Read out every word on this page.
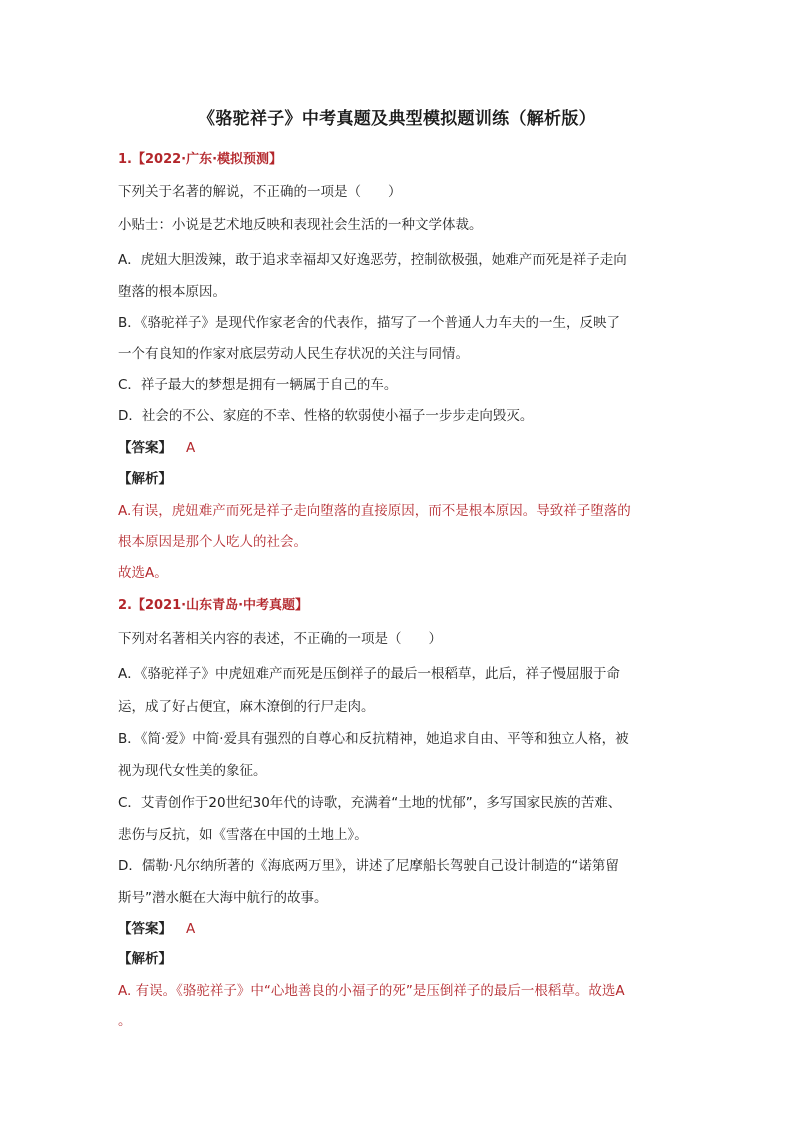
《骆驼祥子》中考真题及典型模拟题训练（解析版）
1.【2022·广东·模拟预测】
下列关于名著的解说，不正确的一项是（　　）
小贴士：小说是艺术地反映和表现社会生活的一种文学体裁。
A．虎妞大胆泼辣，敢于追求幸福却又好逸恶劳，控制欲极强，她难产而死是祥子走向
堕落的根本原因。
B．《骆驼祥子》是现代作家老舍的代表作，描写了一个普通人力车夫的一生，反映了
一个有良知的作家对底层劳动人民生存状况的关注与同情。
C．祥子最大的梦想是拥有一辆属于自己的车。
D．社会的不公、家庭的不幸、性格的软弱使小福子一步步走向毁灭。
【答案】 A
【解析】
A.有误，虎妞难产而死是祥子走向堕落的直接原因，而不是根本原因。导致祥子堕落的
根本原因是那个人吃人的社会。
故选A。
2.【2021·山东青岛·中考真题】
下列对名著相关内容的表述，不正确的一项是（　　）
A．《骆驼祥子》中虎妞难产而死是压倒祥子的最后一根稻草，此后，祥子慢屈服于命
运，成了好占便宜，麻木潦倒的行尸走肉。
B．《简·爱》中简·爱具有强烈的自尊心和反抗精神，她追求自由、平等和独立人格，被
视为现代女性美的象征。
C．艾青创作于20世纪30年代的诗歌，充满着“土地的忧郁”，多写国家民族的苦难、
悲伤与反抗，如《雪落在中国的土地上》。
D．儒勒·凡尔纳所著的《海底两万里》，讲述了尼摩船长驾驶自己设计制造的“诺第留
斯号”潜水艇在大海中航行的故事。
【答案】 A
【解析】
A. 有误。《骆驼祥子》中“心地善良的小福子的死”是压倒祥子的最后一根稻草。故选A
。
